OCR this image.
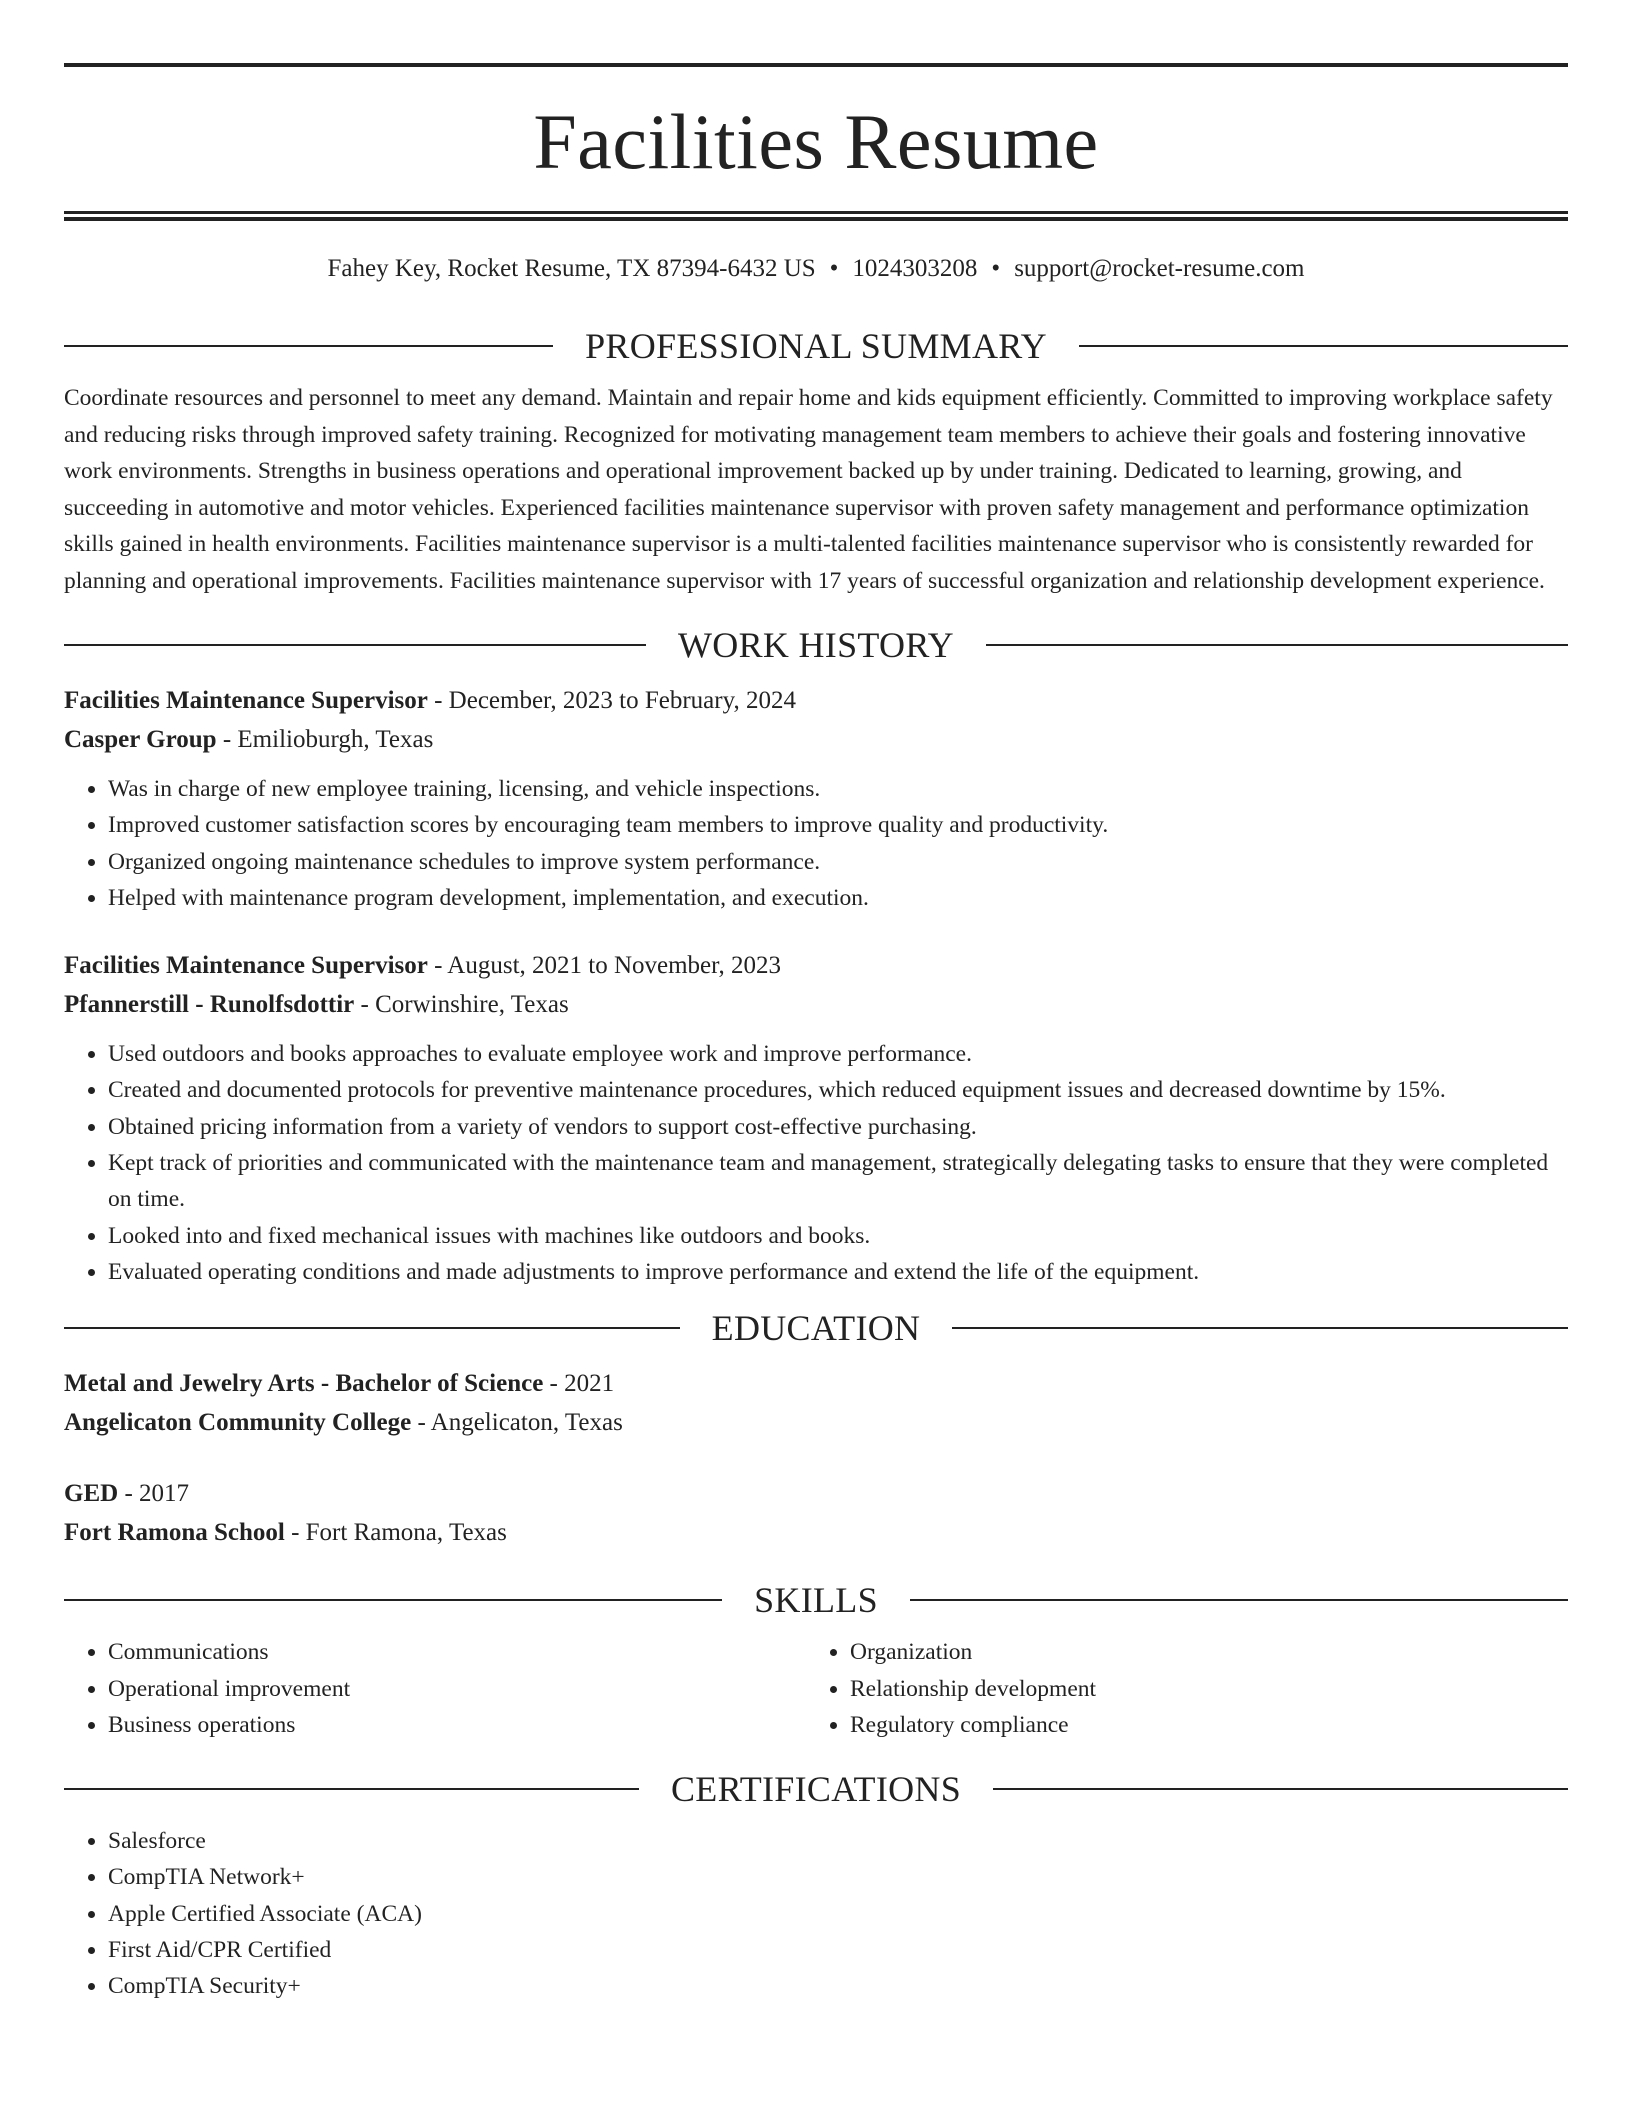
Facilities Resume
Fahey Key, Rocket Resume, TX 87394-6432 US • 1024303208 • support@rocket-resume.com
PROFESSIONAL SUMMARY
Coordinate resources and personnel to meet any demand. Maintain and repair home and kids equipment efficiently. Committed to improving workplace safety and reducing risks through improved safety training. Recognized for motivating management team members to achieve their goals and fostering innovative work environments. Strengths in business operations and operational improvement backed up by under training. Dedicated to learning, growing, and succeeding in automotive and motor vehicles. Experienced facilities maintenance supervisor with proven safety management and performance optimization skills gained in health environments. Facilities maintenance supervisor is a multi-talented facilities maintenance supervisor who is consistently rewarded for planning and operational improvements. Facilities maintenance supervisor with 17 years of successful organization and relationship development experience.
WORK HISTORY
Facilities Maintenance Supervisor - December, 2023 to February, 2024
Casper Group - Emilioburgh, Texas
• Was in charge of new employee training, licensing, and vehicle inspections.
• Improved customer satisfaction scores by encouraging team members to improve quality and productivity.
• Organized ongoing maintenance schedules to improve system performance.
• Helped with maintenance program development, implementation, and execution.
Facilities Maintenance Supervisor - August, 2021 to November, 2023
Pfannerstill - Runolfsdottir - Corwinshire, Texas
• Used outdoors and books approaches to evaluate employee work and improve performance.
• Created and documented protocols for preventive maintenance procedures, which reduced equipment issues and decreased downtime by 15%.
• Obtained pricing information from a variety of vendors to support cost-effective purchasing.
• Kept track of priorities and communicated with the maintenance team and management, strategically delegating tasks to ensure that they were completed on time.
• Looked into and fixed mechanical issues with machines like outdoors and books.
• Evaluated operating conditions and made adjustments to improve performance and extend the life of the equipment.
EDUCATION
Metal and Jewelry Arts - Bachelor of Science - 2021
Angelicaton Community College - Angelicaton, Texas
GED - 2017
Fort Ramona School - Fort Ramona, Texas
SKILLS
• Communications
• Operational improvement
• Business operations
• Organization
• Relationship development
• Regulatory compliance
CERTIFICATIONS
• Salesforce
• CompTIA Network+
• Apple Certified Associate (ACA)
• First Aid/CPR Certified
• CompTIA Security+
